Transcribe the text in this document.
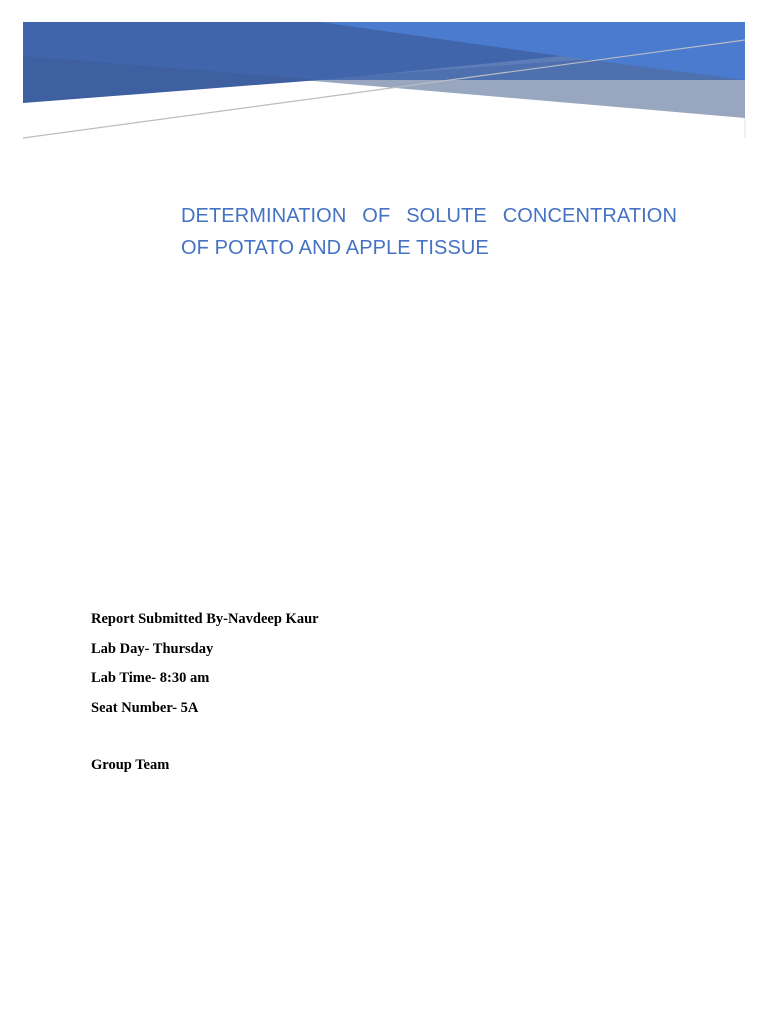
DETERMINATION OF SOLUTE CONCENTRATION OF POTATO AND APPLE TISSUE
Report Submitted By-Navdeep Kaur
Lab Day- Thursday
Lab Time- 8:30 am
Seat Number- 5A
Group Team
